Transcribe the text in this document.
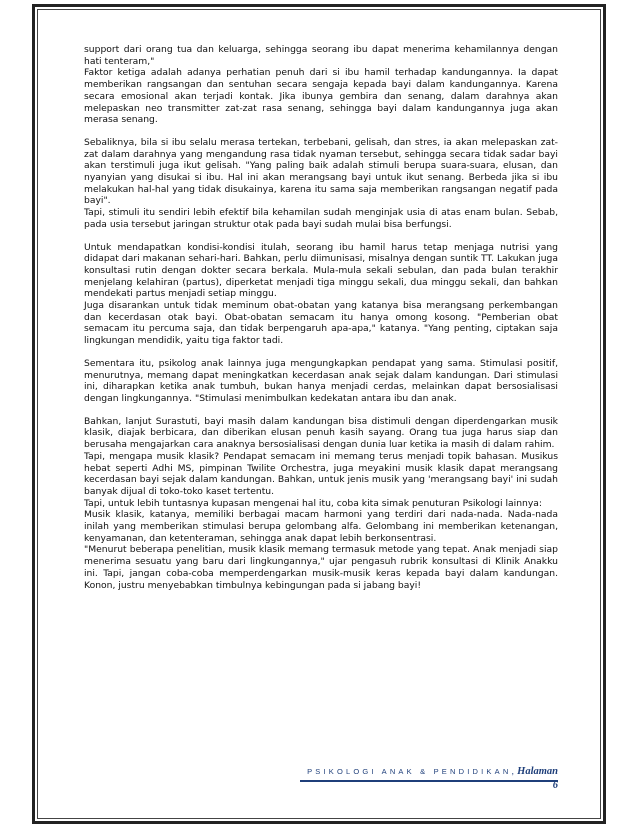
support dari orang tua dan keluarga, sehingga seorang ibu dapat menerima kehamilannya dengan hati tenteram,"

Faktor ketiga adalah adanya perhatian penuh dari si ibu hamil terhadap kandungannya. Ia dapat memberikan rangsangan dan sentuhan secara sengaja kepada bayi dalam kandungannya. Karena secara emosional akan terjadi kontak. Jika ibunya gembira dan senang, dalam darahnya akan melepaskan neo transmitter zat-zat rasa senang, sehingga bayi dalam kandungannya juga akan merasa senang.

Sebaliknya, bila si ibu selalu merasa tertekan, terbebani, gelisah, dan stres, ia akan melepaskan zat-zat dalam darahnya yang mengandung rasa tidak nyaman tersebut, sehingga secara tidak sadar bayi akan terstimuli juga ikut gelisah. "Yang paling baik adalah stimuli berupa suara-suara, elusan, dan nyanyian yang disukai si ibu. Hal ini akan merangsang bayi untuk ikut senang. Berbeda jika si ibu melakukan hal-hal yang tidak disukainya, karena itu sama saja memberikan rangsangan negatif pada bayi".

Tapi, stimuli itu sendiri lebih efektif bila kehamilan sudah menginjak usia di atas enam bulan. Sebab, pada usia tersebut jaringan struktur otak pada bayi sudah mulai bisa berfungsi.

Untuk mendapatkan kondisi-kondisi itulah, seorang ibu hamil harus tetap menjaga nutrisi yang didapat dari makanan sehari-hari. Bahkan, perlu diimunisasi, misalnya dengan suntik TT. Lakukan juga konsultasi rutin dengan dokter secara berkala. Mula-mula sekali sebulan, dan pada bulan terakhir menjelang kelahiran (partus), diperketat menjadi tiga minggu sekali, dua minggu sekali, dan bahkan mendekati partus menjadi setiap minggu.

Juga disarankan untuk tidak meminum obat-obatan yang katanya bisa merangsang perkembangan dan kecerdasan otak bayi. Obat-obatan semacam itu hanya omong kosong. "Pemberian obat semacam itu percuma saja, dan tidak berpengaruh apa-apa," katanya. "Yang penting, ciptakan saja lingkungan mendidik, yaitu tiga faktor tadi.

Sementara itu, psikolog anak lainnya juga mengungkapkan pendapat yang sama. Stimulasi positif, menurutnya, memang dapat meningkatkan kecerdasan anak sejak dalam kandungan. Dari stimulasi ini, diharapkan ketika anak tumbuh, bukan hanya menjadi cerdas, melainkan dapat bersosialisasi dengan lingkungannya. "Stimulasi menimbulkan kedekatan antara ibu dan anak.

Bahkan, lanjut Surastuti, bayi masih dalam kandungan bisa distimuli dengan diperdengarkan musik klasik, diajak berbicara, dan diberikan elusan penuh kasih sayang. Orang tua juga harus siap dan berusaha mengajarkan cara anaknya bersosialisasi dengan dunia luar ketika ia masih di dalam rahim.

Tapi, mengapa musik klasik? Pendapat semacam ini memang terus menjadi topik bahasan. Musikus hebat seperti Adhi MS, pimpinan Twilite Orchestra, juga meyakini musik klasik dapat merangsang kecerdasan bayi sejak dalam kandungan. Bahkan, untuk jenis musik yang 'merangsang bayi' ini sudah banyak dijual di toko-toko kaset tertentu.

Tapi, untuk lebih tuntasnya kupasan mengenai hal itu, coba kita simak penuturan Psikologi lainnya:

Musik klasik, katanya, memiliki berbagai macam harmoni yang terdiri dari nada-nada. Nada-nada inilah yang memberikan stimulasi berupa gelombang alfa. Gelombang ini memberikan ketenangan, kenyamanan, dan ketenteraman, sehingga anak dapat lebih berkonsentrasi.

"Menurut beberapa penelitian, musik klasik memang termasuk metode yang tepat. Anak menjadi siap menerima sesuatu yang baru dari lingkungannya," ujar pengasuh rubrik konsultasi di Klinik Anakku ini. Tapi, jangan coba-coba memperdengarkan musik-musik keras kepada bayi dalam kandungan. Konon, justru menyebabkan timbulnya kebingungan pada si jabang bayi!

PSIKOLOGI ANAK & PENDIDIKAN, Halaman 6
